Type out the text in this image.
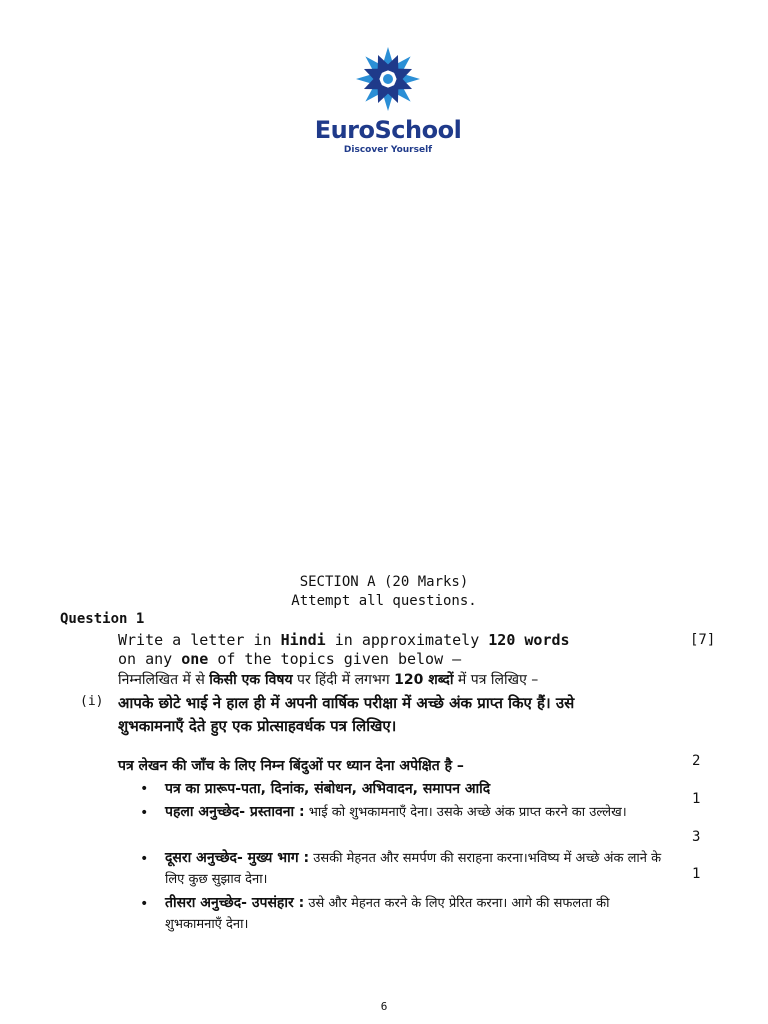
EuroSchool
Discover Yourself
SECTION A (20 Marks)
Attempt all questions.
Question 1
Write a letter in Hindi in approximately 120 words
on any one of the topics given below –
[7]
निम्नलिखित में से किसी एक विषय पर हिंदी में लगभग 120 शब्दों में पत्र लिखिए –
(i) आपके छोटे भाई ने हाल ही में अपनी वार्षिक परीक्षा में अच्छे अंक प्राप्त किए हैं। उसे
शुभकामनाएँ देते हुए एक प्रोत्साहवर्धक पत्र लिखिए।
पत्र लेखन की जाँच के लिए निम्न बिंदुओं पर ध्यान देना अपेक्षित है –
• पत्र का प्रारूप-पता, दिनांक, संबोधन, अभिवादन, समापन आदि
• पहला अनुच्छेद- प्रस्तावना : भाई को शुभकामनाएँ देना। उसके अच्छे अंक प्राप्त करने का उल्लेख।
• दूसरा अनुच्छेद- मुख्य भाग : उसकी मेहनत और समर्पण की सराहना करना।भविष्य में अच्छे अंक लाने के लिए कुछ सुझाव देना।
• तीसरा अनुच्छेद- उपसंहार : उसे और मेहनत करने के लिए प्रेरित करना। आगे की सफलता की शुभकामनाएँ देना।
2
1
3
1
6
